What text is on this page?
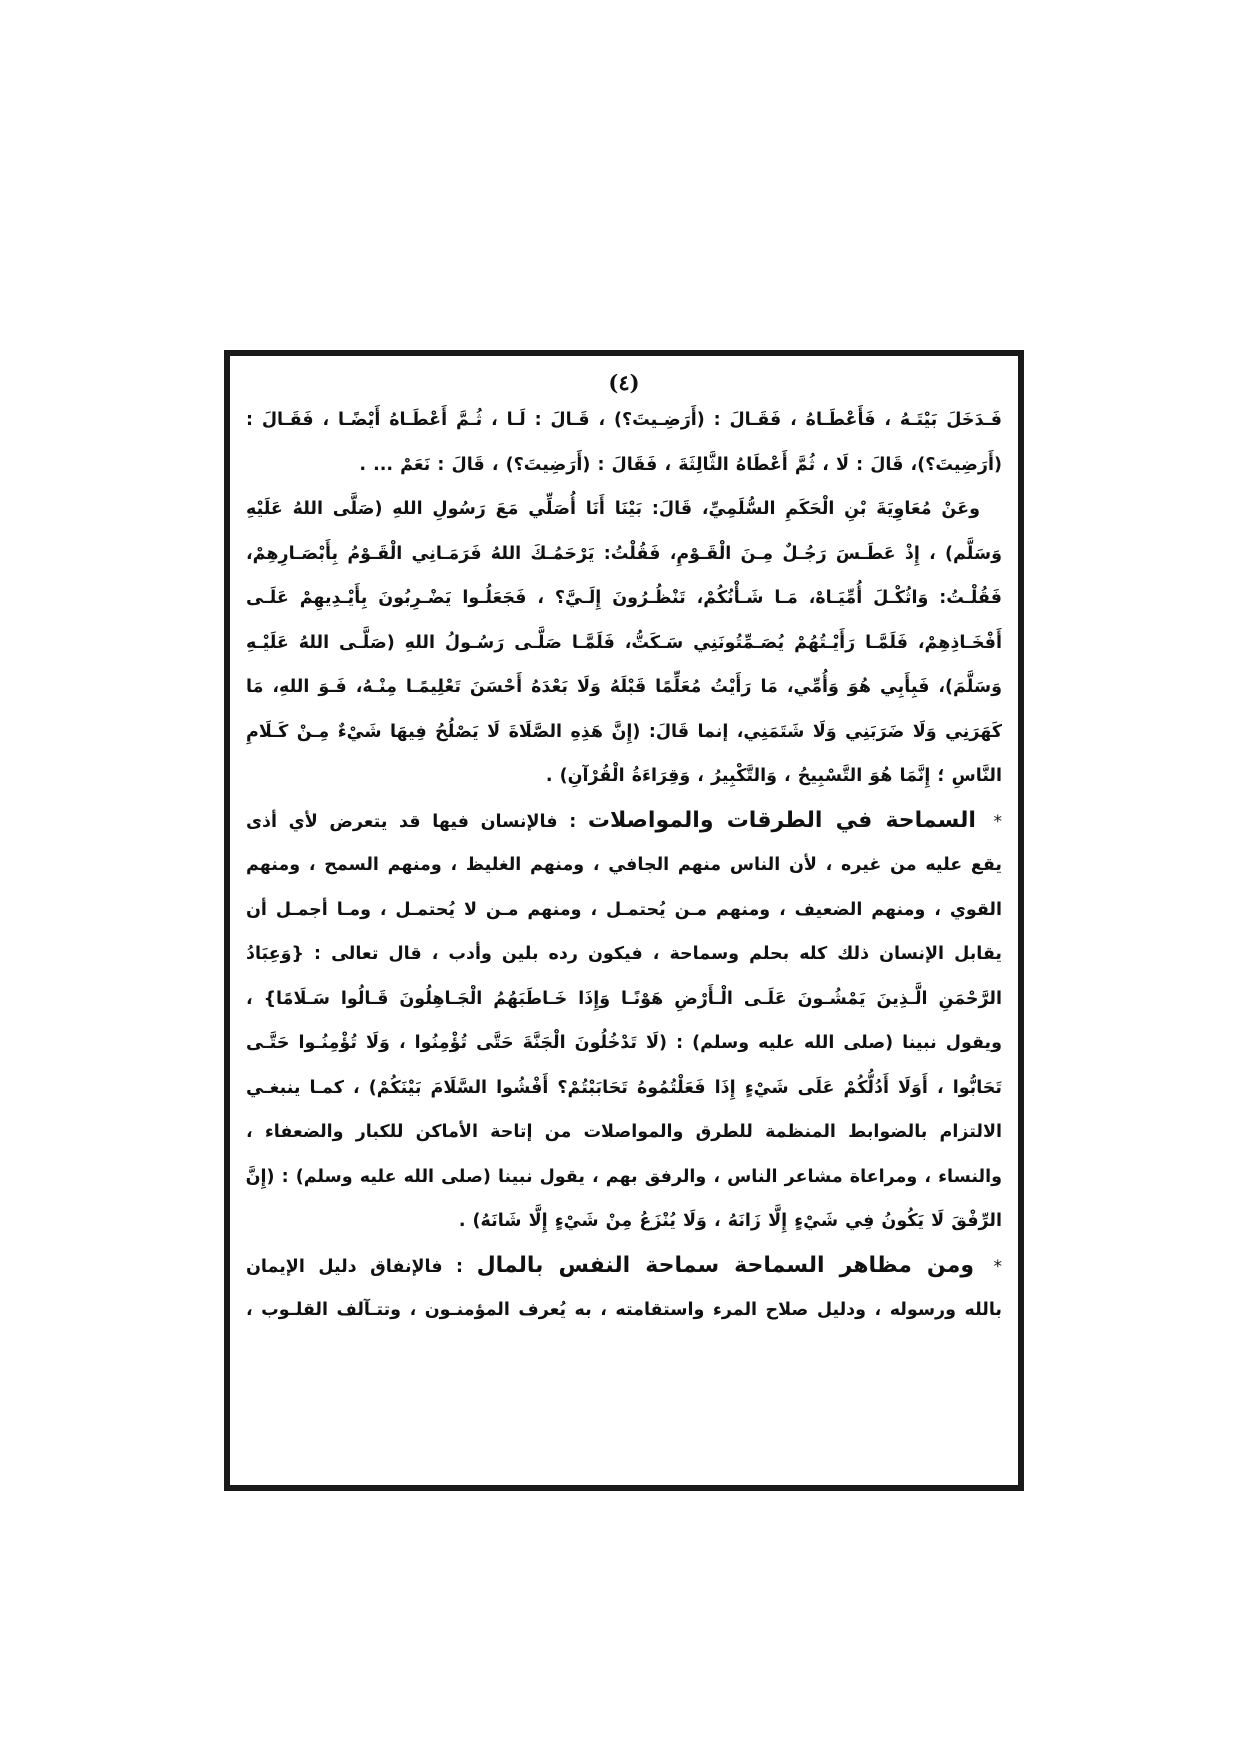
(٤)
فَـدَخَلَ بَيْتَـهُ ، فَأَعْطَـاهُ ، فَقَـالَ : (أَرَضِـيتَ؟) ، قَـالَ : لَـا ، ثُـمَّ أَعْطَـاهُ أَيْضًـا ، فَقَـالَ :
(أَرَضِيتَ؟)، قَالَ : لَا ، ثُمَّ أَعْطَاهُ الثَّالِثَةَ ، فَقَالَ : (أَرَضِيتَ؟) ، قَالَ : نَعَمْ ... .
وعَنْ مُعَاوِيَةَ بْنِ الْحَكَمِ السُّلَمِيِّ، قَالَ: بَيْنَا أَنَا أُصَلِّي مَعَ رَسُولِ اللهِ (صَلَّى اللهُ عَلَيْهِ
وَسَلَّم) ، إِذْ عَطَـسَ رَجُـلٌ مِـنَ الْقَـوْمِ، فَقُلْتُ: يَرْحَمُـكَ اللهُ فَرَمَـانِي الْقَـوْمُ بِأَبْصَـارِهِمْ،
فَقُلْـتُ: وَاثُكْـلَ أُمِّيَـاهْ، مَـا شَـأْنُكُمْ، تَنْظُـرُونَ إِلَـيَّ؟ ، فَجَعَلُـوا يَضْـرِبُونَ بِأَيْـدِيهِمْ عَلَـى
أَفْخَـاذِهِمْ، فَلَمَّـا رَأَيْـتُهُمْ يُصَـمِّتُونَنِي سَـكَتُّ، فَلَمَّـا صَلَّـى رَسُـولُ اللهِ (صَلَّـى اللهُ عَلَيْـهِ
وَسَلَّمَ)، فَبِأَبِي هُوَ وَأُمِّي، مَا رَأَيْتُ مُعَلِّمًا قَبْلَهُ وَلَا بَعْدَهُ أَحْسَنَ تَعْلِيمًـا مِنْـهُ، فَـوَ اللهِ، مَا
كَهَرَنِي وَلَا ضَرَبَنِي وَلَا شَتَمَنِي، إنما قَالَ: (إِنَّ هَذِهِ الصَّلَاةَ لَا يَصْلُحُ فِيهَا شَيْءٌ مِـنْ كَـلَامِ
النَّاسِ ؛ إِنَّمَا هُوَ التَّسْبِيحُ ، وَالتَّكْبِيرُ ، وَقِرَاءَةُ الْقُرْآنِ) .
* السماحة في الطرقات والمواصلات : فالإنسان فيها قد يتعرض لأي أذى
يقع عليه من غيره ، لأن الناس منهم الجافي ، ومنهم الغليظ ، ومنهم السمح ، ومنهم
القوي ، ومنهم الضعيف ، ومنهم مـن يُحتمـل ، ومنهم مـن لا يُحتمـل ، ومـا أجمـل أن
يقابل الإنسان ذلك كله بحلم وسماحة ، فيكون رده بلين وأدب ، قال تعالى : {وَعِبَادُ
الرَّحْمَنِ الَّـذِينَ يَمْشُـونَ عَلَـى الْـأَرْضِ هَوْنًـا وَإِذَا خَـاطَبَهُمُ الْجَـاهِلُونَ قَـالُوا سَـلَامًا} ،
ويقول نبينا (صلى الله عليه وسلم) : (لَا تَدْخُلُونَ الْجَنَّةَ حَتَّى تُؤْمِنُوا ، وَلَا تُؤْمِنُـوا حَتَّـى
تَحَابُّوا ، أَوَلَا أَدُلُّكُمْ عَلَى شَيْءٍ إِذَا فَعَلْتُمُوهُ تَحَابَبْتُمْ؟ أَفْشُوا السَّلَامَ بَيْنَكُمْ) ، كمـا ينبغـي
الالتزام بالضوابط المنظمة للطرق والمواصلات من إتاحة الأماكن للكبار والضعفاء ،
والنساء ، ومراعاة مشاعر الناس ، والرفق بهم ، يقول نبينا (صلى الله عليه وسلم) : (إِنَّ
الرِّفْقَ لَا يَكُونُ فِي شَيْءٍ إِلَّا زَانَهُ ، وَلَا يُنْزَعُ مِنْ شَيْءٍ إِلَّا شَانَهُ) .
* ومن مظاهر السماحة سماحة النفس بالمال : فالإنفاق دليل الإيمان
بالله ورسوله ، ودليل صلاح المرء واستقامته ، به يُعرف المؤمنـون ، وتتـآلف القلـوب ،
